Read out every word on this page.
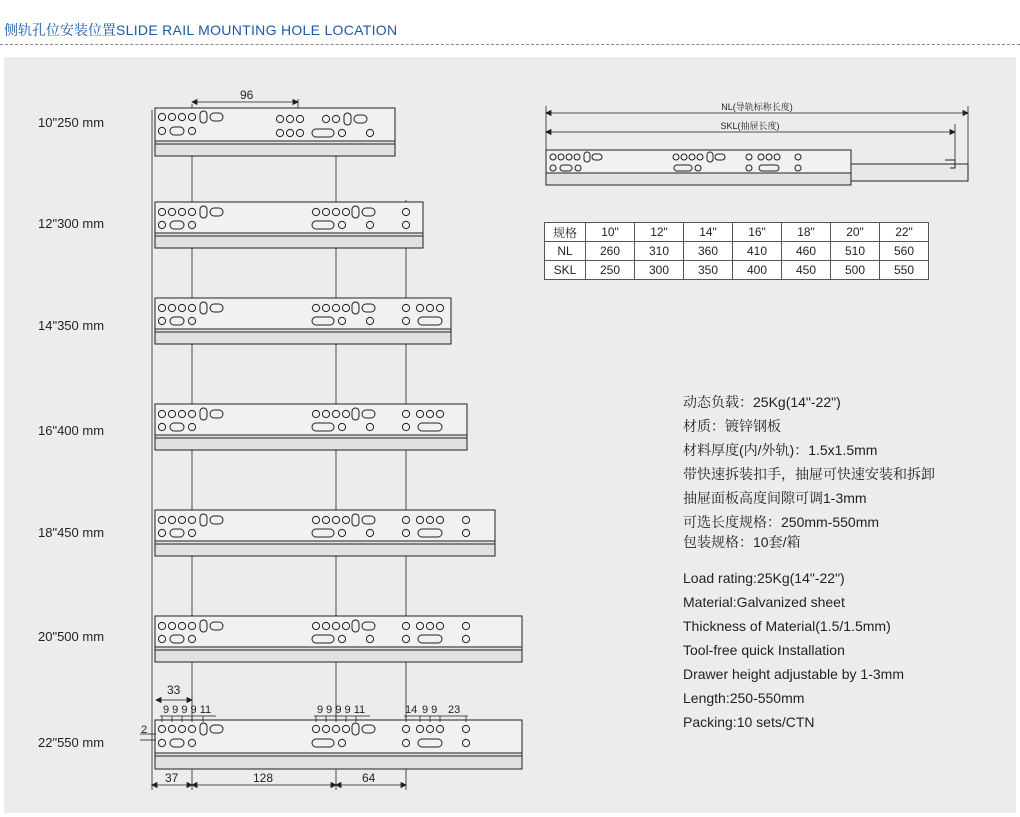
侧轨孔位安装位置SLIDE RAIL MOUNTING HOLE LOCATION
96
33
9 9 9 9 11	9 9 9 9 11	14 9 9 23
2
37	128	64
NL(导轨标称长度)
SKL(抽屉长度)
10"250 mm
12"300 mm
14"350 mm
16"400 mm
18"450 mm
20"500 mm
22"550 mm
规格	10"	12"	14"	16"	18"	20"	22"
NL	260	310	360	410	460	510	560
SKL	250	300	350	400	450	500	550
动态负载：25Kg(14"-22")
材质：镀锌钢板
材料厚度(内/外轨)：1.5x1.5mm
带快速拆装扣手，抽屉可快速安装和拆卸
抽屉面板高度间隙可调1-3mm
可选长度规格：250mm-550mm
包装规格：10套/箱
Load rating:25Kg(14"-22")
Material:Galvanized sheet
Thickness of Material(1.5/1.5mm)
Tool-free quick Installation
Drawer height adjustable by 1-3mm
Length:250-550mm
Packing:10 sets/CTN
